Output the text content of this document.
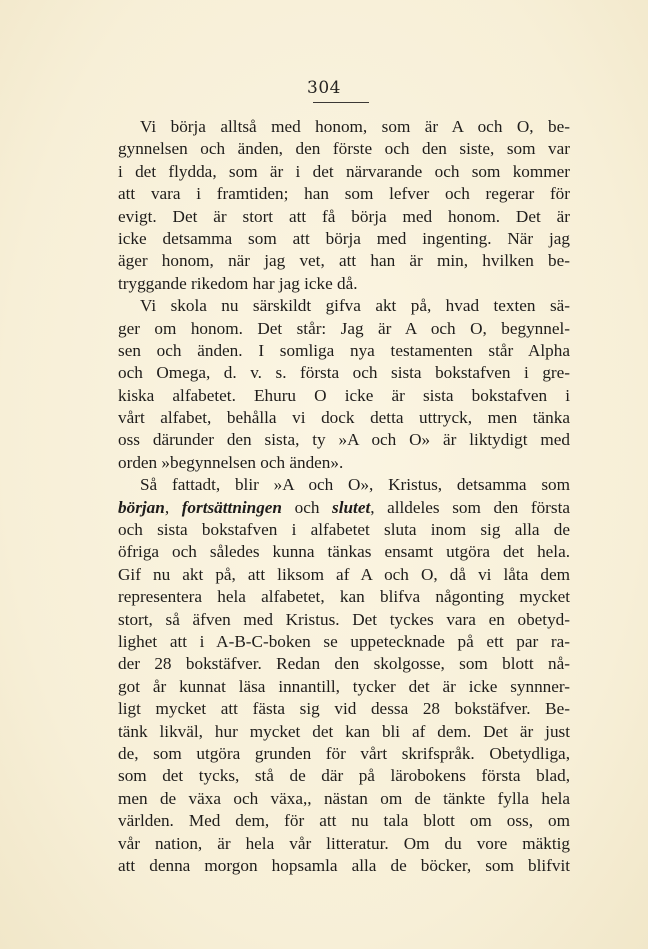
304
Vi börja alltså med honom, som är A och O, be-
gynnelsen och änden, den förste och den siste, som var
i det flydda, som är i det närvarande och som kommer
att vara i framtiden; han som lefver och regerar för
evigt. Det är stort att få börja med honom. Det är
icke detsamma som att börja med ingenting. När jag
äger honom, när jag vet, att han är min, hvilken be-
tryggande rikedom har jag icke då.
Vi skola nu särskildt gifva akt på, hvad texten sä-
ger om honom. Det står: Jag är A och O, begynnel-
sen och änden. I somliga nya testamenten står Alpha
och Omega, d. v. s. första och sista bokstafven i gre-
kiska alfabetet. Ehuru O icke är sista bokstafven i
vårt alfabet, behålla vi dock detta uttryck, men tänka
oss därunder den sista, ty »A och O» är liktydigt med
orden »begynnelsen och änden».
Så fattadt, blir »A och O», Kristus, detsamma som
början, fortsättningen och slutet, alldeles som den första
och sista bokstafven i alfabetet sluta inom sig alla de
öfriga och således kunna tänkas ensamt utgöra det hela.
Gif nu akt på, att liksom af A och O, då vi låta dem
representera hela alfabetet, kan blifva någonting mycket
stort, så äfven med Kristus. Det tyckes vara en obetyd-
lighet att i A-B-C-boken se uppetecknade på ett par ra-
der 28 bokstäfver. Redan den skolgosse, som blott nå-
got år kunnat läsa innantill, tycker det är icke synnner-
ligt mycket att fästa sig vid dessa 28 bokstäfver. Be-
tänk likväl, hur mycket det kan bli af dem. Det är just
de, som utgöra grunden för vårt skrifspråk. Obetydliga,
som det tycks, stå de där på lärobokens första blad,
men de växa och växa,, nästan om de tänkte fylla hela
världen. Med dem, för att nu tala blott om oss, om
vår nation, är hela vår litteratur. Om du vore mäktig
att denna morgon hopsamla alla de böcker, som blifvit
